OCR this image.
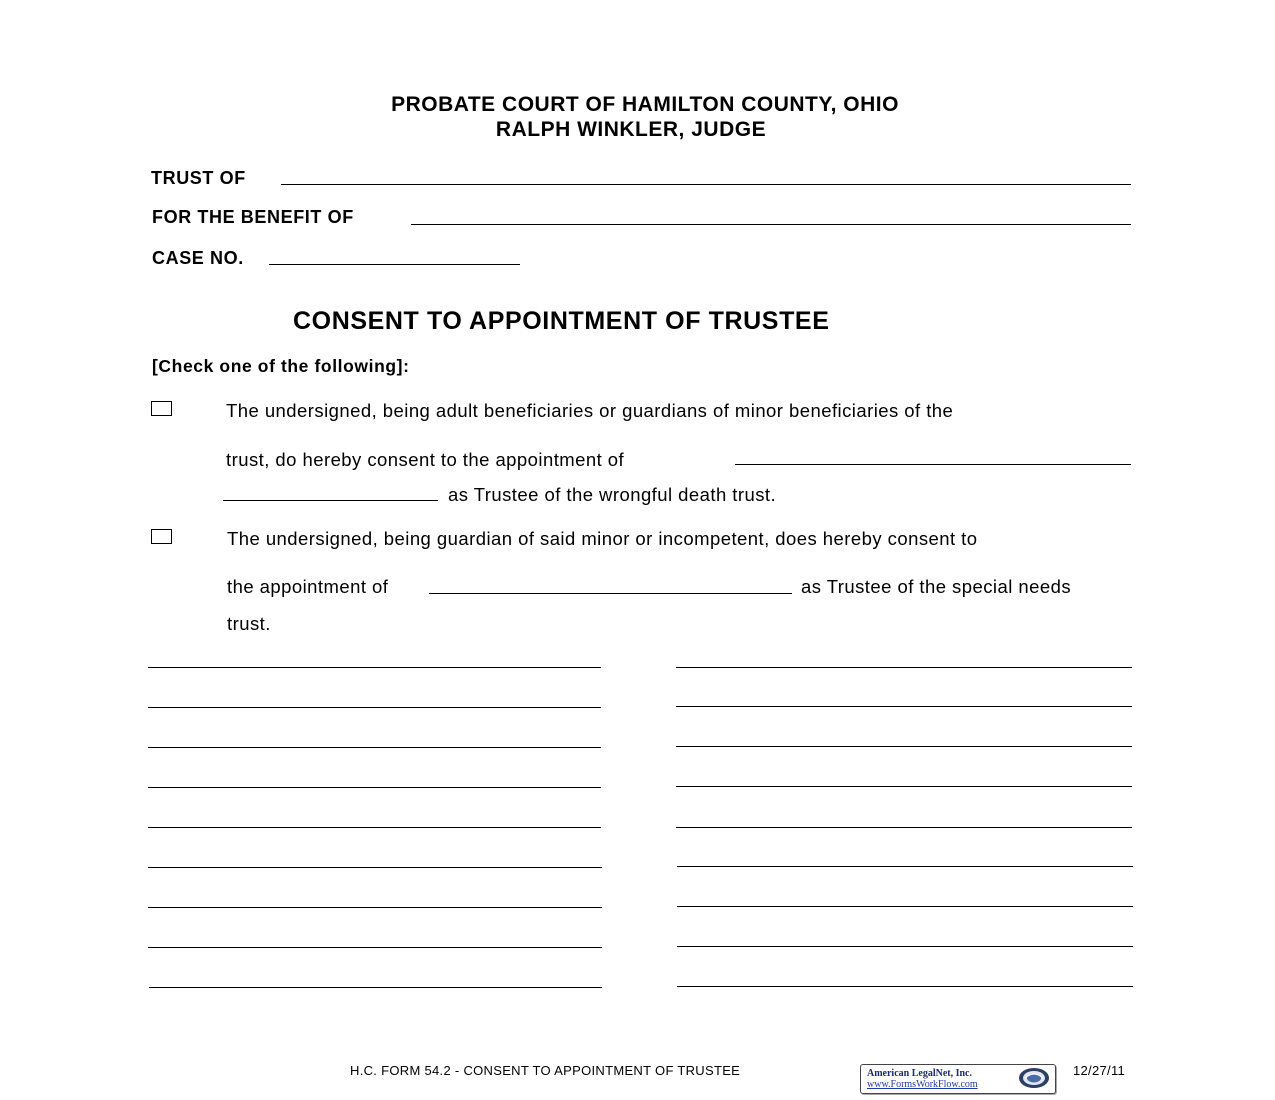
PROBATE COURT OF HAMILTON COUNTY, OHIO
RALPH WINKLER, JUDGE
TRUST OF
FOR THE BENEFIT OF
CASE NO.
CONSENT TO APPOINTMENT OF TRUSTEE
[Check one of the following]:
The undersigned, being adult beneficiaries or guardians of minor beneficiaries of the
trust, do hereby consent to the appointment of
as Trustee of the wrongful death trust.
The undersigned, being guardian of said minor or incompetent, does hereby consent to
the appointment of	as Trustee of the special needs
trust.
H.C. FORM 54.2 - CONSENT TO APPOINTMENT OF TRUSTEE	American LegalNet, Inc.
www.FormsWorkFlow.com
12/27/11
